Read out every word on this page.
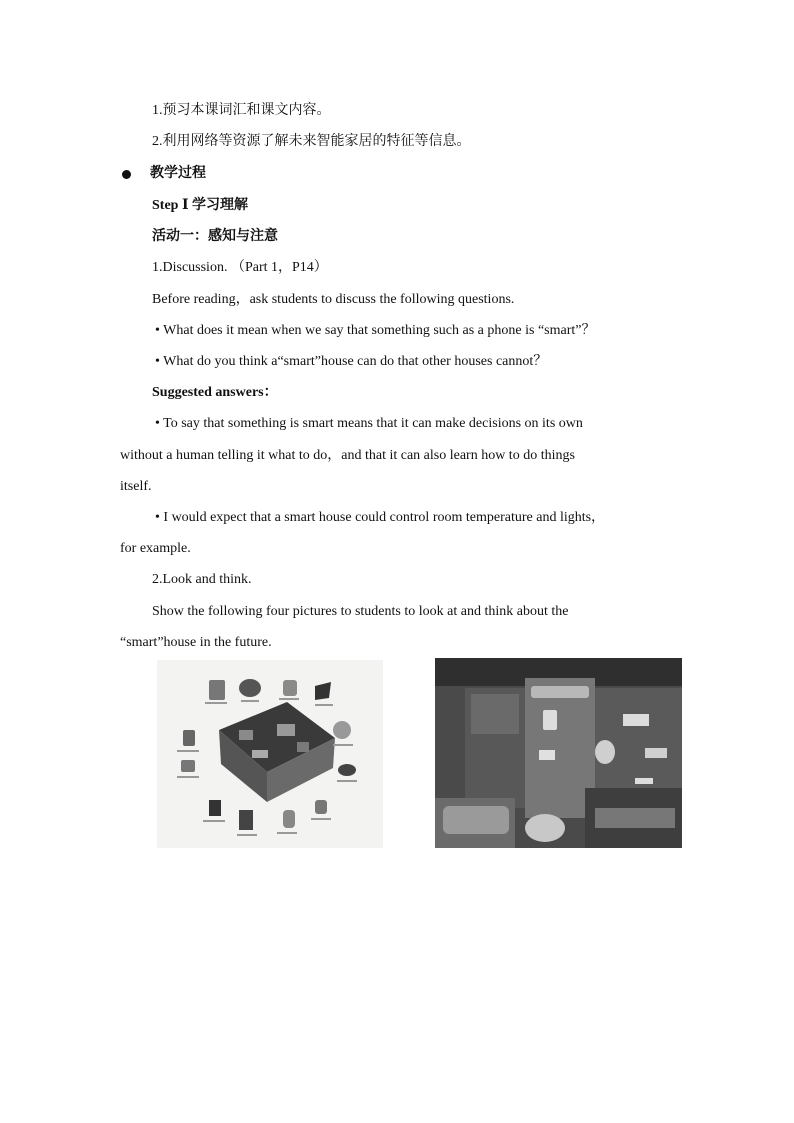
1.预习本课词汇和课文内容。
2.利用网络等资源了解未来智能家居的特征等信息。
教学过程
Step Ⅰ 学习理解
活动一：感知与注意
1.Discussion. （Part 1，P14）
Before reading，ask students to discuss the following questions.
• What does it mean when we say that something such as a phone is “smart”？
• What do you think a“smart”house can do that other houses cannot？
Suggested answers：
• To say that something is smart means that it can make decisions on its own
without a human telling it what to do，and that it can also learn how to do things
itself.
• I would expect that a smart house could control room temperature and lights，
for example.
2.Look and think.
Show the following four pictures to students to look at and think about the
“smart”house in the future.
